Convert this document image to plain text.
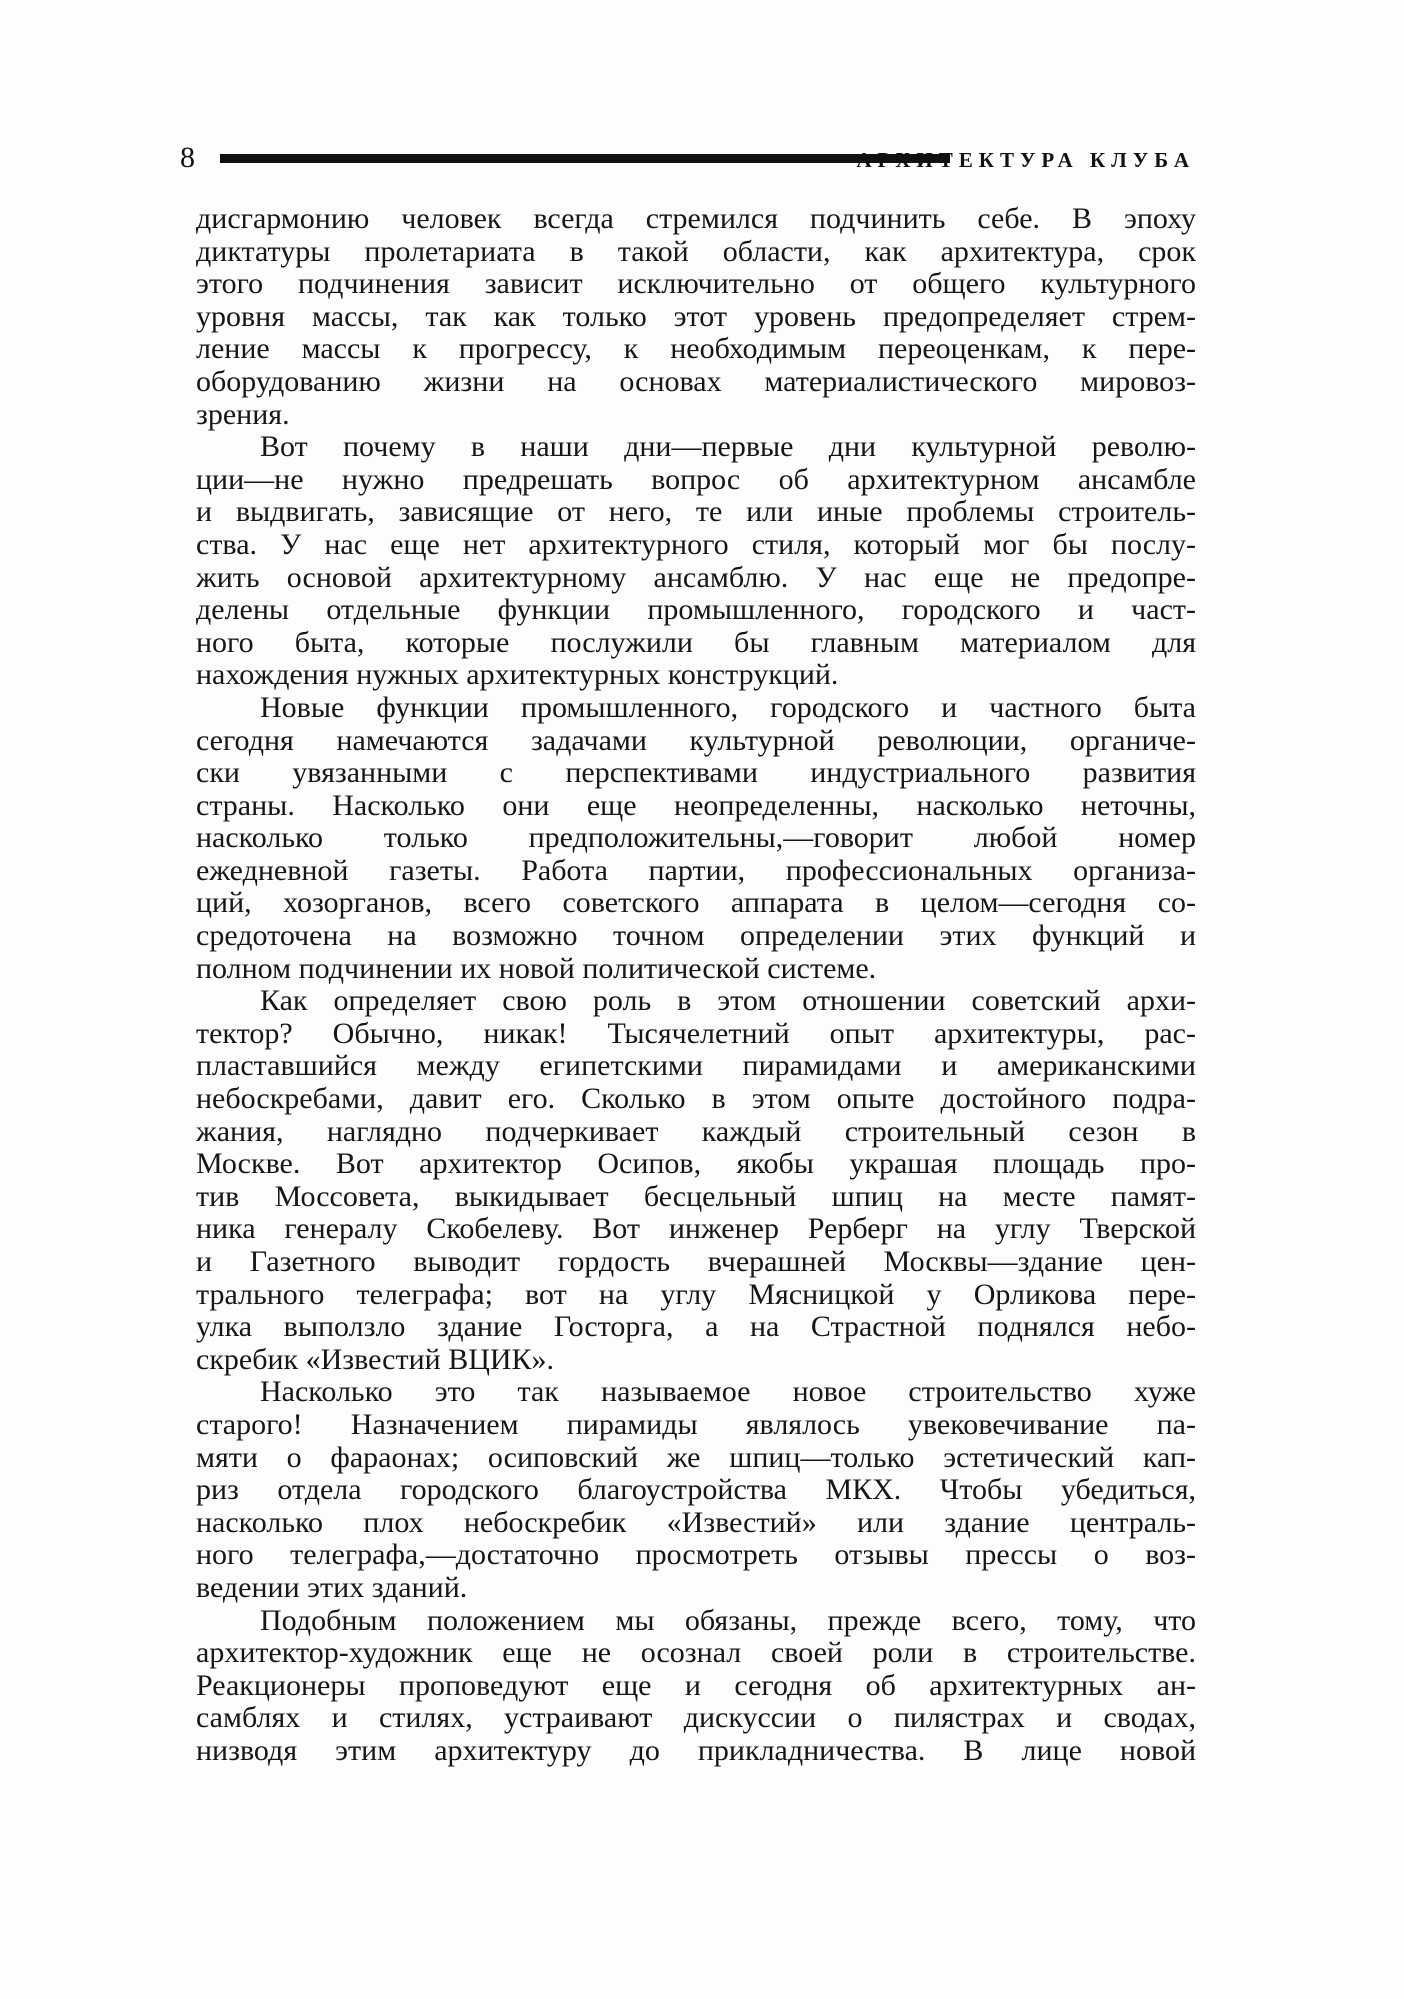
8	АРХИТЕКТУРА КЛУБА
дисгармонию человек всегда стремился подчинить себе. В эпоху
диктатуры пролетариата в такой области, как архитектура, срок
этого подчинения зависит исключительно от общего культурного
уровня массы, так как только этот уровень предопределяет стрем-
ление массы к прогрессу, к необходимым переоценкам, к пере-
оборудованию жизни на основах материалистического мировоз-
зрения.
Вот почему в наши дни—первые дни культурной револю-
ции—не нужно предрешать вопрос об архитектурном ансамбле
и выдвигать, зависящие от него, те или иные проблемы строитель-
ства. У нас еще нет архитектурного стиля, который мог бы послу-
жить основой архитектурному ансамблю. У нас еще не предопре-
делены отдельные функции промышленного, городского и част-
ного быта, которые послужили бы главным материалом для
нахождения нужных архитектурных конструкций.
Новые функции промышленного, городского и частного быта
сегодня намечаются задачами культурной революции, органиче-
ски увязанными с перспективами индустриального развития
страны. Насколько они еще неопределенны, насколько неточны,
насколько только предположительны,—говорит любой номер
ежедневной газеты. Работа партии, профессиональных организа-
ций, хозорганов, всего советского аппарата в целом—сегодня со-
средоточена на возможно точном определении этих функций и
полном подчинении их новой политической системе.
Как определяет свою роль в этом отношении советский архи-
тектор? Обычно, никак! Тысячелетний опыт архитектуры, рас-
пластавшийся между египетскими пирамидами и американскими
небоскребами, давит его. Сколько в этом опыте достойного подра-
жания, наглядно подчеркивает каждый строительный сезон в
Москве. Вот архитектор Осипов, якобы украшая площадь про-
тив Моссовета, выкидывает бесцельный шпиц на месте памят-
ника генералу Скобелеву. Вот инженер Рерберг на углу Тверской
и Газетного выводит гордость вчерашней Москвы—здание цен-
трального телеграфа; вот на углу Мясницкой у Орликова пере-
улка выползло здание Госторга, а на Страстной поднялся небо-
скребик «Известий ВЦИК».
Насколько это так называемое новое строительство хуже
старого! Назначением пирамиды являлось увековечивание па-
мяти о фараонах; осиповский же шпиц—только эстетический кап-
риз отдела городского благоустройства МКХ. Чтобы убедиться,
насколько плох небоскребик «Известий» или здание централь-
ного телеграфа,—достаточно просмотреть отзывы прессы о воз-
ведении этих зданий.
Подобным положением мы обязаны, прежде всего, тому, что
архитектор-художник еще не осознал своей роли в строительстве.
Реакционеры проповедуют еще и сегодня об архитектурных ан-
самблях и стилях, устраивают дискуссии о пилястрах и сводах,
низводя этим архитектуру до прикладничества. В лице новой
